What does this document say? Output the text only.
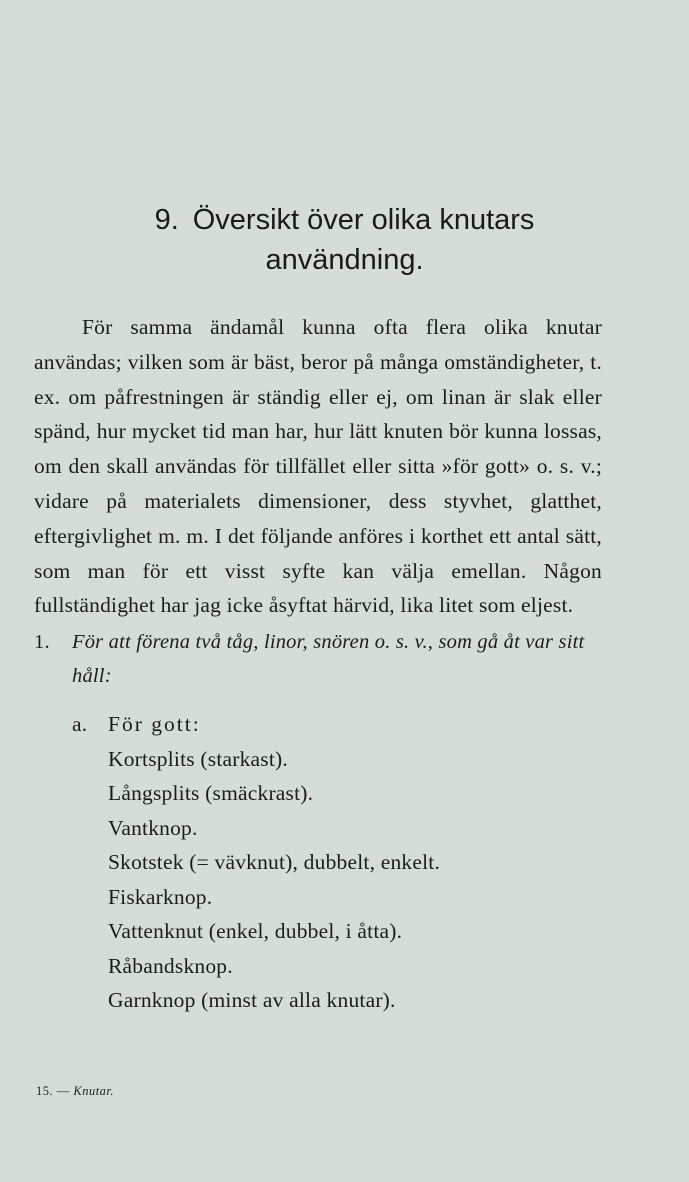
9. Översikt över olika knutars
användning.

För samma ändamål kunna ofta flera olika knutar användas; vilken som är bäst, beror på många omständigheter, t. ex. om påfrestningen är ständig eller ej, om linan är slak eller spänd, hur mycket tid man har, hur lätt knuten bör kunna lossas, om den skall användas för tillfället eller sitta »för gott» o. s. v.; vidare på materialets dimensioner, dess styvhet, glatthet, eftergivlighet m. m. I det följande anföres i korthet ett antal sätt, som man för ett visst syfte kan välja emellan. Någon fullständighet har jag icke åsyftat härvid, lika litet som eljest.

1. För att förena två tåg, linor, snören o. s. v., som gå åt var sitt håll:

a. För gott:
Kortsplits (starkast).
Långsplits (smäckrast).
Vantknop.
Skotstek (= vävknut), dubbelt, enkelt.
Fiskarknop.
Vattenknut (enkel, dubbel, i åtta).
Råbandsknop.
Garnknop (minst av alla knutar).
15. — Knutar.
